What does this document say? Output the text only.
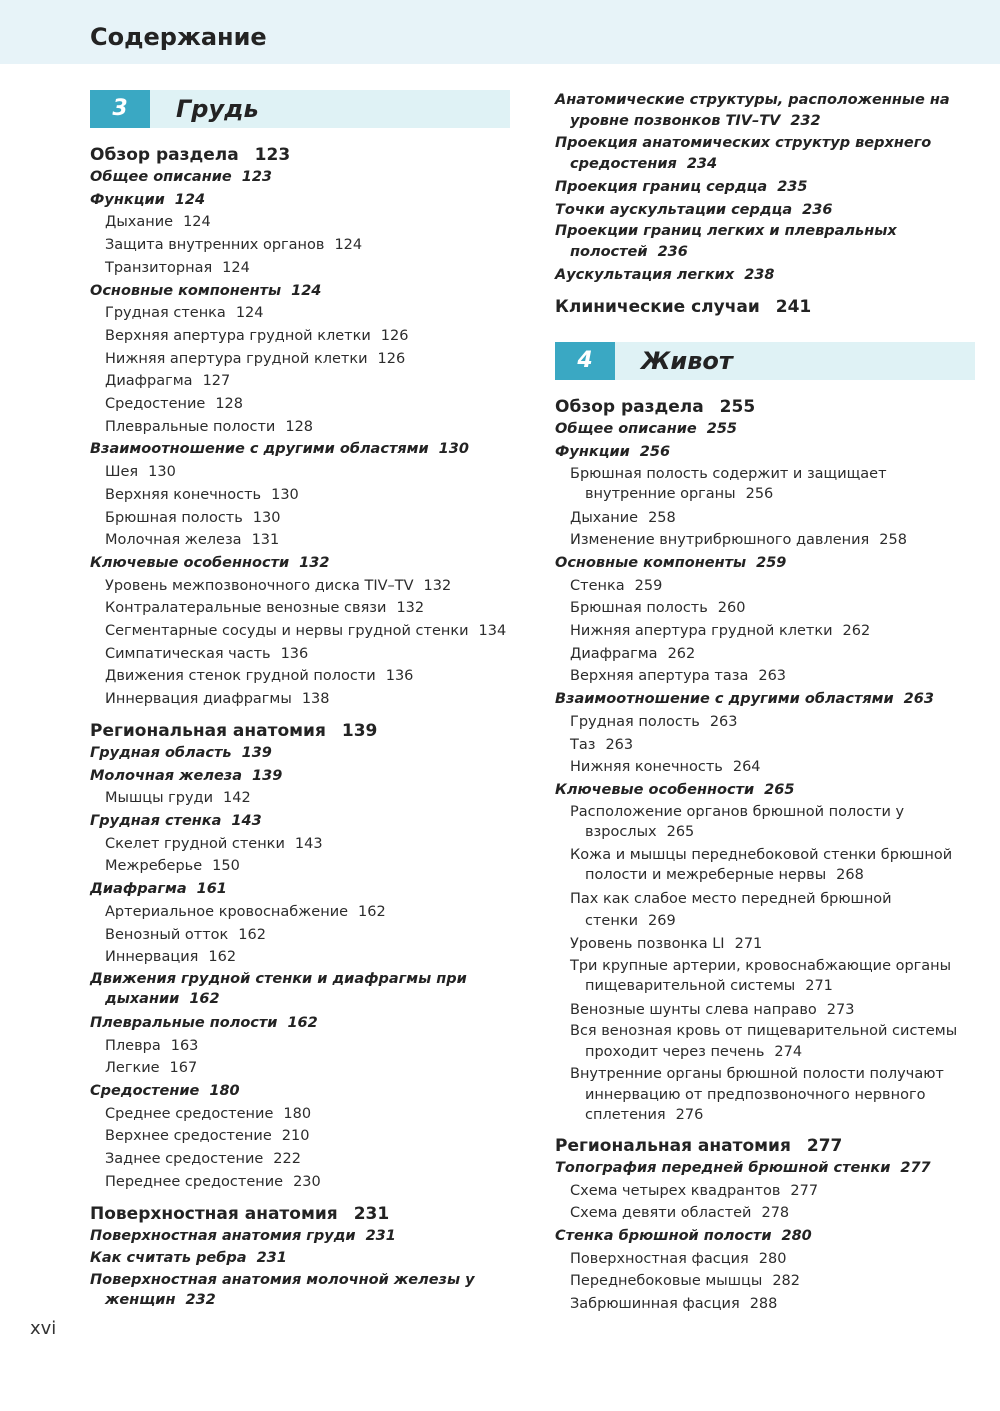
Содержание
3	Грудь
Обзор раздела 123
Общее описание 123
Функции 124
Дыхание 124
Защита внутренних органов 124
Транзиторная 124
Основные компоненты 124
Грудная стенка 124
Верхняя апертура грудной клетки 126
Нижняя апертура грудной клетки 126
Диафрагма 127
Средостение 128
Плевральные полости 128
Взаимоотношение с другими областями 130
Шея 130
Верхняя конечность 130
Брюшная полость 130
Молочная железа 131
Ключевые особенности 132
Уровень межпозвоночного диска TIV–TV 132
Контралатеральные венозные связи 132
Сегментарные сосуды и нервы грудной стенки 134
Симпатическая часть 136
Движения стенок грудной полости 136
Иннервация диафрагмы 138
Региональная анатомия 139
Грудная область 139
Молочная железа 139
Мышцы груди 142
Грудная стенка 143
Скелет грудной стенки 143
Межреберье 150
Диафрагма 161
Артериальное кровоснабжение 162
Венозный отток 162
Иннервация 162
Движения грудной стенки и диафрагмы при дыхании 162
Плевральные полости 162
Плевра 163
Легкие 167
Средостение 180
Среднее средостение 180
Верхнее средостение 210
Заднее средостение 222
Переднее средостение 230
Поверхностная анатомия 231
Поверхностная анатомия груди 231
Как считать ребра 231
Поверхностная анатомия молочной железы у женщин 232
Анатомические структуры, расположенные на уровне позвонков TIV–TV 232
Проекция анатомических структур верхнего средостения 234
Проекция границ сердца 235
Точки аускультации сердца 236
Проекции границ легких и плевральных полостей 236
Аускультация легких 238
Клинические случаи 241
4	Живот
Обзор раздела 255
Общее описание 255
Функции 256
Брюшная полость содержит и защищает внутренние органы 256
Дыхание 258
Изменение внутрибрюшного давления 258
Основные компоненты 259
Стенка 259
Брюшная полость 260
Нижняя апертура грудной клетки 262
Диафрагма 262
Верхняя апертура таза 263
Взаимоотношение с другими областями 263
Грудная полость 263
Таз 263
Нижняя конечность 264
Ключевые особенности 265
Расположение органов брюшной полости у взрослых 265
Кожа и мышцы переднебоковой стенки брюшной полости и межреберные нервы 268
Пах как слабое место передней брюшной стенки 269
Уровень позвонка LI 271
Три крупные артерии, кровоснабжающие органы пищеварительной системы 271
Венозные шунты слева направо 273
Вся венозная кровь от пищеварительной системы проходит через печень 274
Внутренние органы брюшной полости получают иннервацию от предпозвоночного нервного сплетения 276
Региональная анатомия 277
Топография передней брюшной стенки 277
Схема четырех квадрантов 277
Схема девяти областей 278
Стенка брюшной полости 280
Поверхностная фасция 280
Переднебоковые мышцы 282
Забрюшинная фасция 288
xvi
